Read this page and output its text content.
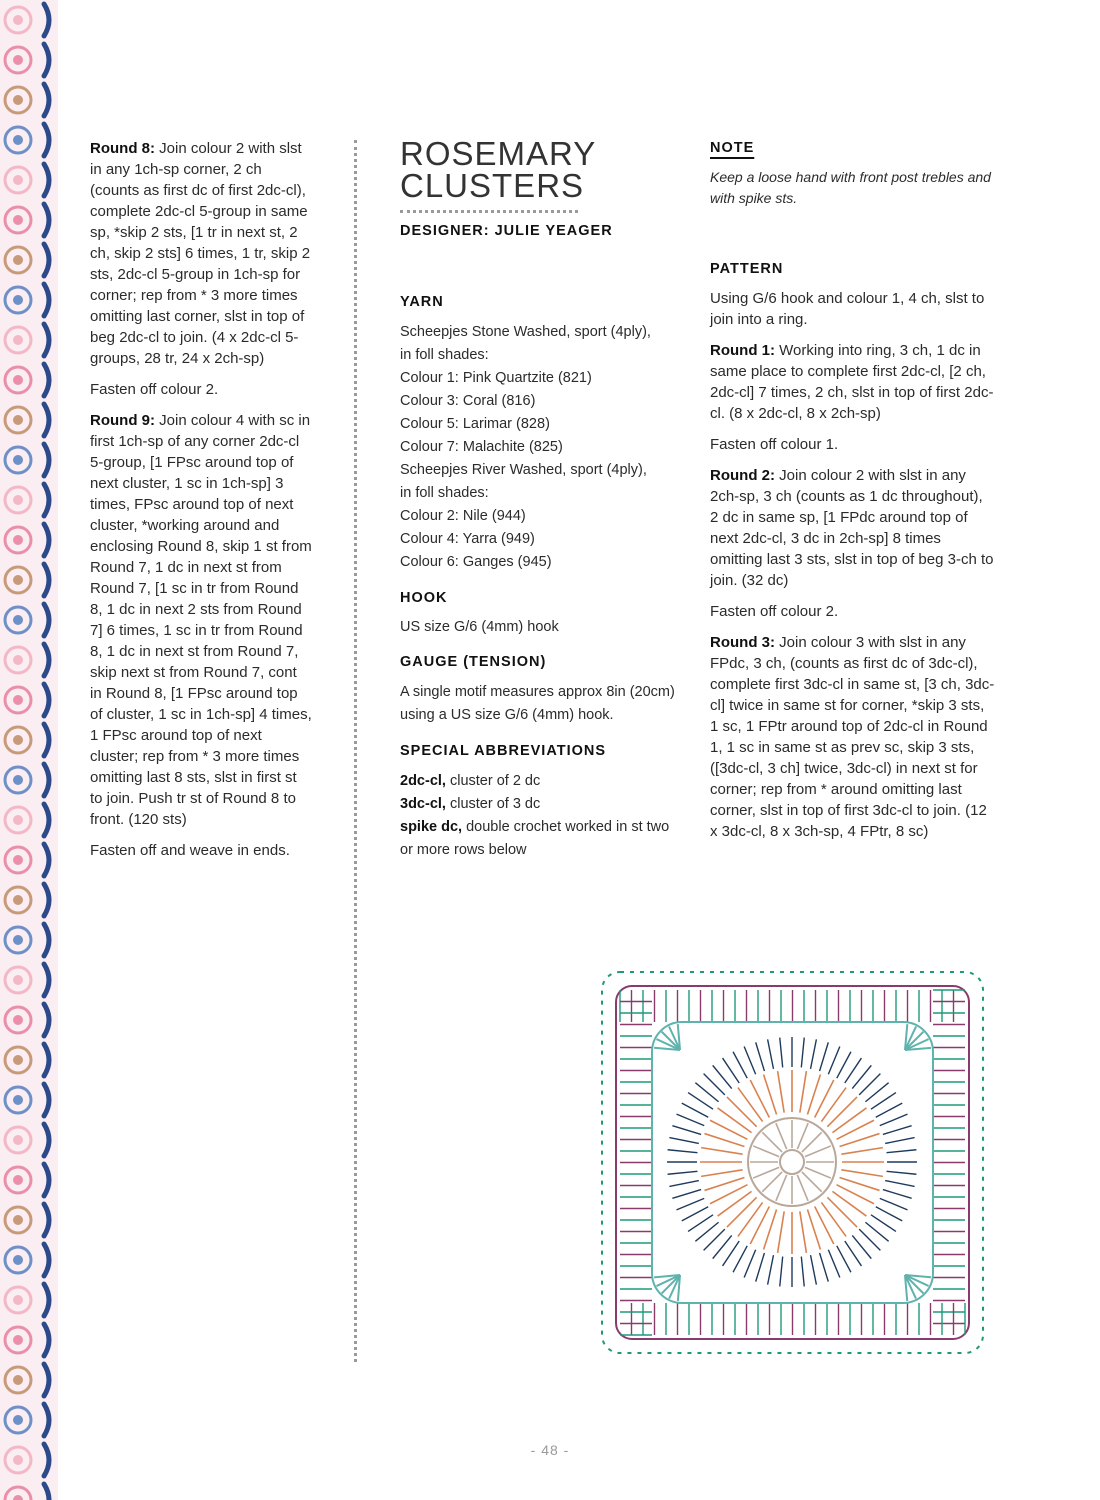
Round 8: Join colour 2 with slst in any 1ch-sp corner, 2 ch (counts as first dc of first 2dc-cl), complete 2dc-cl 5-group in same sp, *skip 2 sts, [1 tr in next st, 2 ch, skip 2 sts] 6 times, 1 tr, skip 2 sts, 2dc-cl 5-group in 1ch-sp for corner; rep from * 3 more times omitting last corner, slst in top of beg 2dc-cl to join. (4 x 2dc-cl 5-groups, 28 tr, 24 x 2ch-sp)

Fasten off colour 2.

Round 9: Join colour 4 with sc in first 1ch-sp of any corner 2dc-cl 5-group, [1 FPsc around top of next cluster, 1 sc in 1ch-sp] 3 times, FPsc around top of next cluster, *working around and enclosing Round 8, skip 1 st from Round 7, 1 dc in next st from Round 7, [1 sc in tr from Round 8, 1 dc in next 2 sts from Round 7] 6 times, 1 sc in tr from Round 8, 1 dc in next st from Round 7, skip next st from Round 7, cont in Round 8, [1 FPsc around top of cluster, 1 sc in 1ch-sp] 4 times, 1 FPsc around top of next cluster; rep from * 3 more times omitting last 8 sts, slst in first st to join. Push tr st of Round 8 to front. (120 sts)

Fasten off and weave in ends.

ROSEMARY
CLUSTERS
DESIGNER: JULIE YEAGER
YARN
Scheepjes Stone Washed, sport (4ply),
in foll shades:
Colour 1: Pink Quartzite (821)
Colour 3: Coral (816)
Colour 5: Larimar (828)
Colour 7: Malachite (825)
Scheepjes River Washed, sport (4ply),
in foll shades:
Colour 2: Nile (944)
Colour 4: Yarra (949)
Colour 6: Ganges (945)
HOOK
US size G/6 (4mm) hook
GAUGE (TENSION)
A single motif measures approx 8in (20cm) using a US size G/6 (4mm) hook.
SPECIAL ABBREVIATIONS
2dc-cl, cluster of 2 dc
3dc-cl, cluster of 3 dc
spike dc, double crochet worked in st two or more rows below
NOTE

Keep a loose hand with front post trebles and with spike sts.

PATTERN

Using G/6 hook and colour 1, 4 ch, slst to join into a ring.

Round 1: Working into ring, 3 ch, 1 dc in same place to complete first 2dc-cl, [2 ch, 2dc-cl] 7 times, 2 ch, slst in top of first 2dc-cl. (8 x 2dc-cl, 8 x 2ch-sp)

Fasten off colour 1.

Round 2: Join colour 2 with slst in any 2ch-sp, 3 ch (counts as 1 dc throughout), 2 dc in same sp, [1 FPdc around top of next 2dc-cl, 3 dc in 2ch-sp] 8 times omitting last 3 sts, slst in top of beg 3-ch to join. (32 dc)

Fasten off colour 2.

Round 3: Join colour 3 with slst in any FPdc, 3 ch, (counts as first dc of 3dc-cl), complete first 3dc-cl in same st, [3 ch, 3dc-cl] twice in same st for corner, *skip 3 sts, 1 sc, 1 FPtr around top of 2dc-cl in Round 1, 1 sc in same st as prev sc, skip 3 sts, ([3dc-cl, 3 ch] twice, 3dc-cl) in next st for corner; rep from * around omitting last corner, slst in top of first 3dc-cl to join. (12 x 3dc-cl, 8 x 3ch-sp, 4 FPtr, 8 sc)

- 48 -
